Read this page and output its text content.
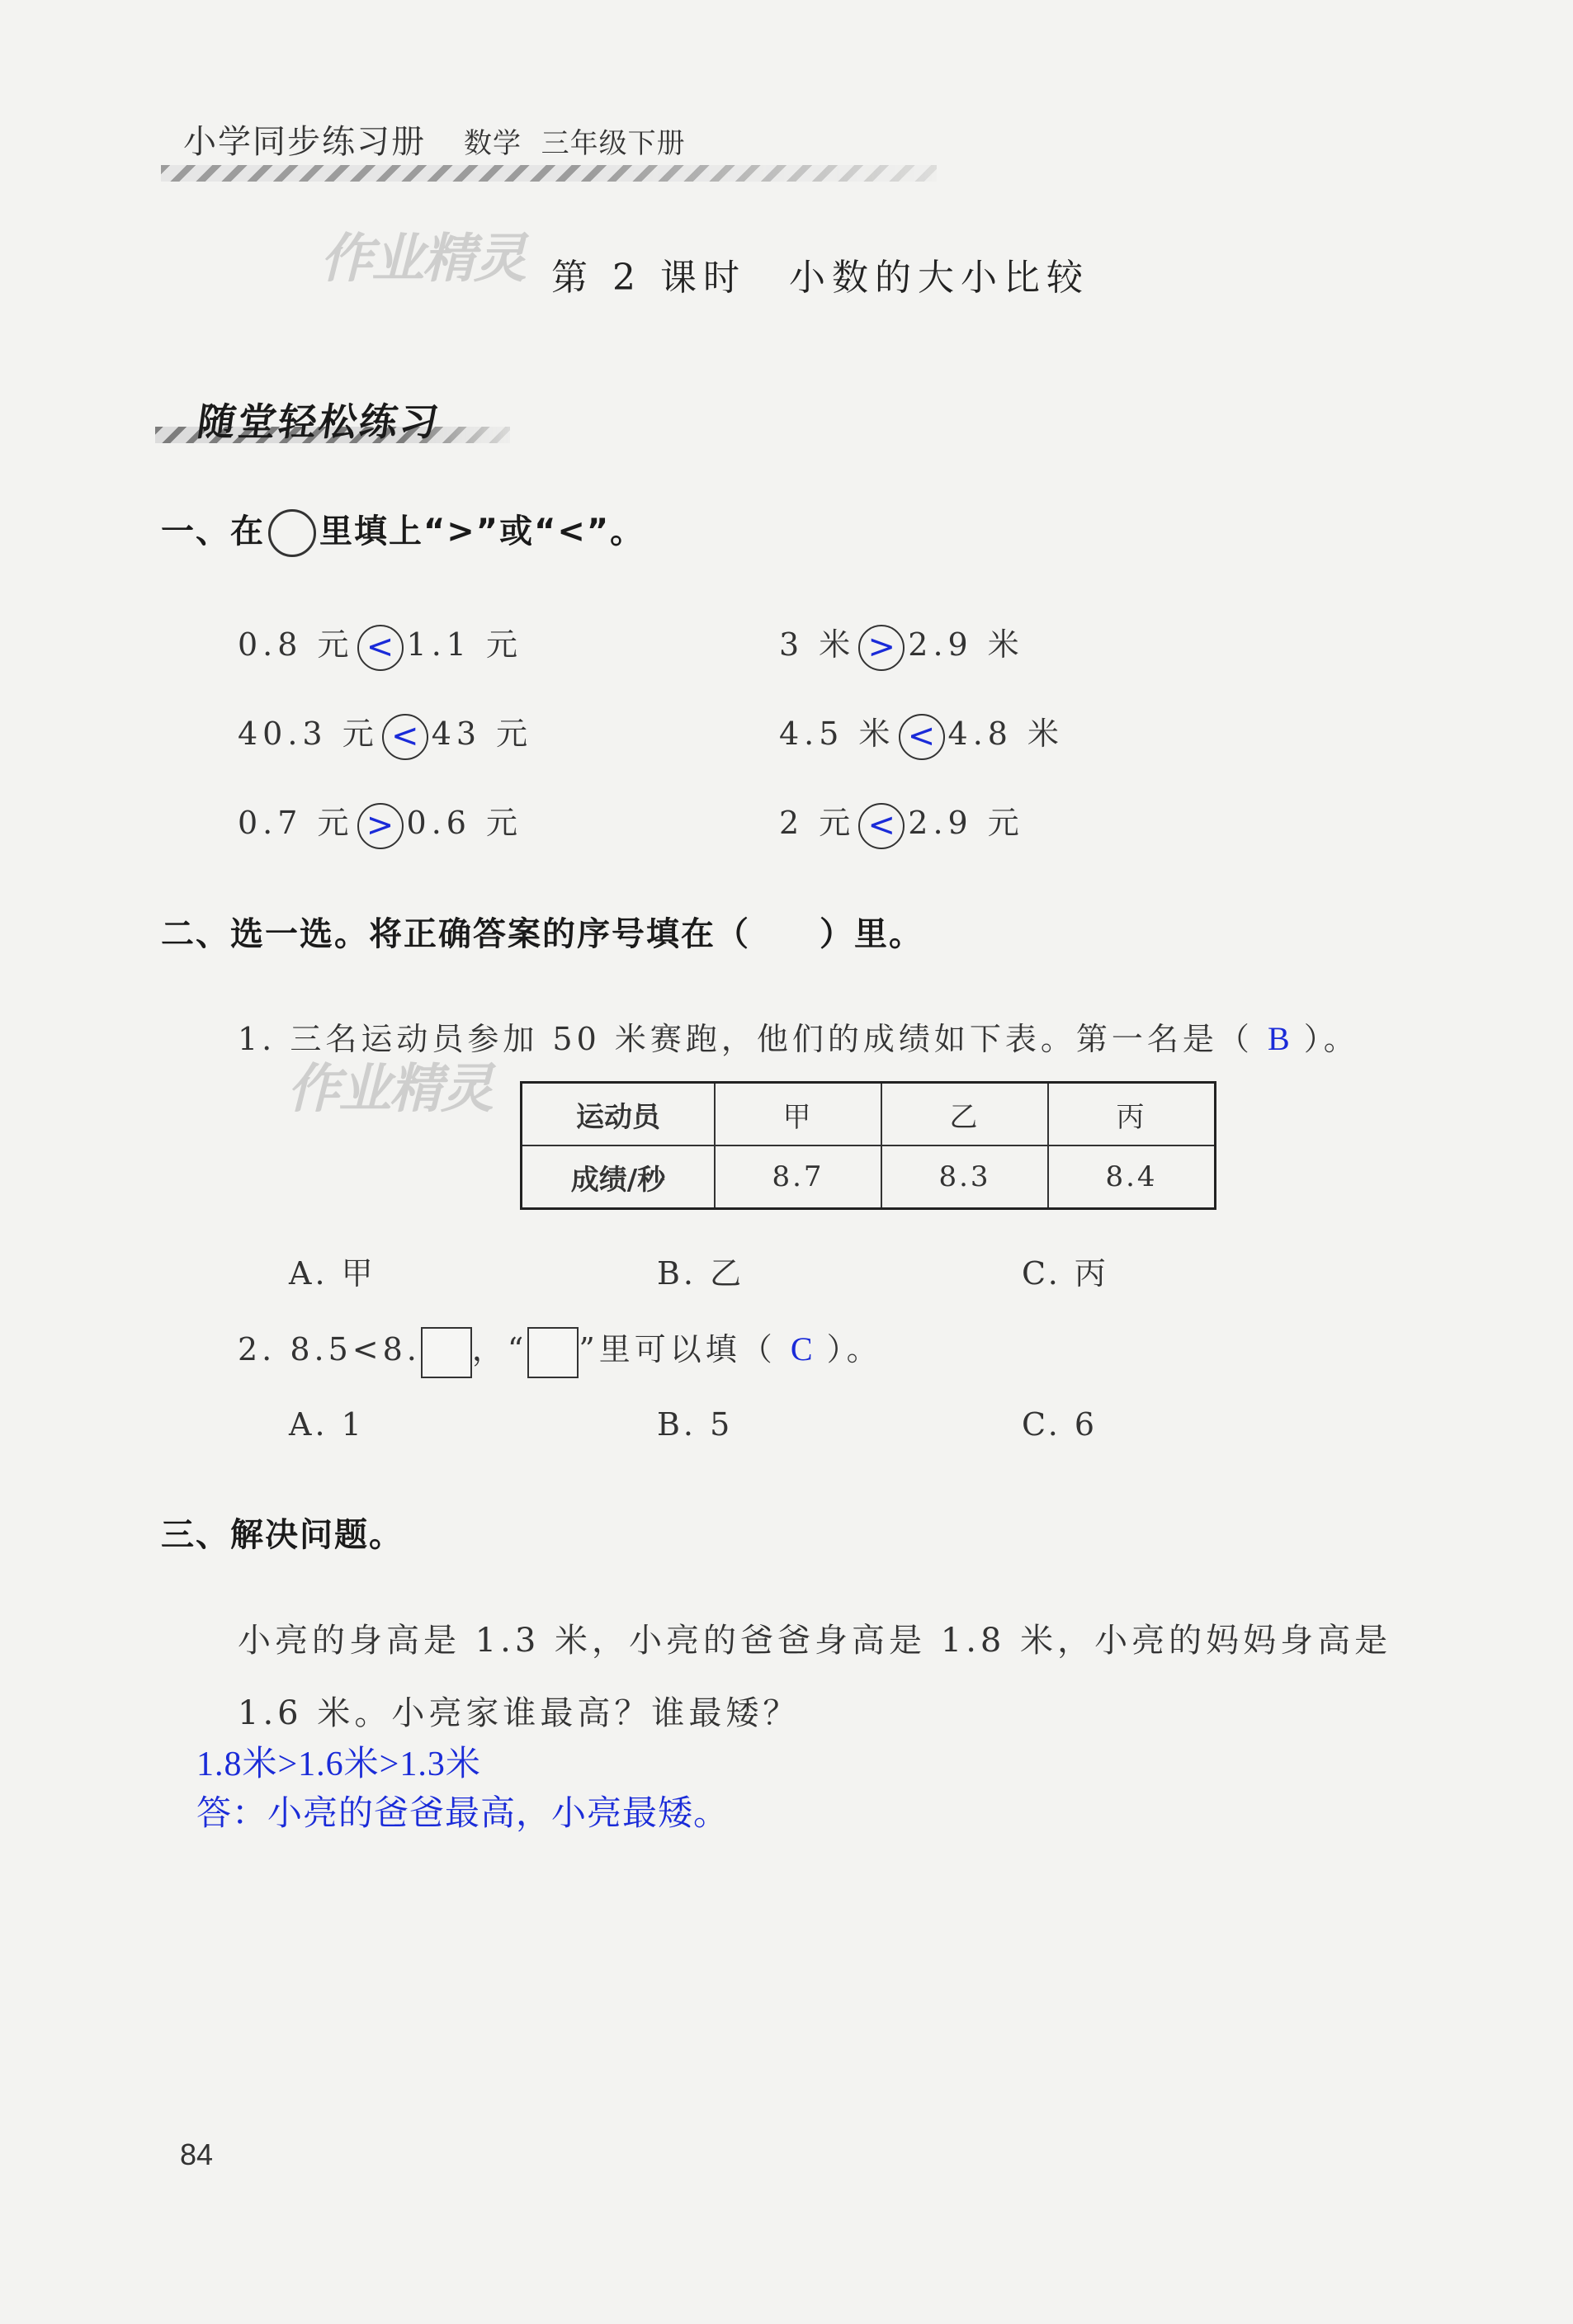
小学同步练习册 数学 三年级下册
作业精灵 第 2 课时　小数的大小比较
随堂轻松练习
一、在 里填上“>”或“<”。
0.8 元 < 1.1 元	3 米 > 2.9 米
40.3 元 < 43 元	4.5 米 < 4.8 米
0.7 元 > 0.6 元	2 元 < 2.9 元
二、选一选。将正确答案的序号填在（　　）里。
1. 三名运动员参加 50 米赛跑，他们的成绩如下表。第一名是（ B ）。
作业精灵	运动员	甲	乙	丙
成绩/秒	8.7	8.3	8.4
A. 甲	B. 乙	C. 丙
2. 8.5<8. ，“ ”里可以填（ C ）。
A. 1	B. 5	C. 6
三、解决问题。
小亮的身高是 1.3 米，小亮的爸爸身高是 1.8 米，小亮的妈妈身高是
1.6 米。小亮家谁最高？谁最矮？
1.8米>1.6米>1.3米
答：小亮的爸爸最高，小亮最矮。
84
